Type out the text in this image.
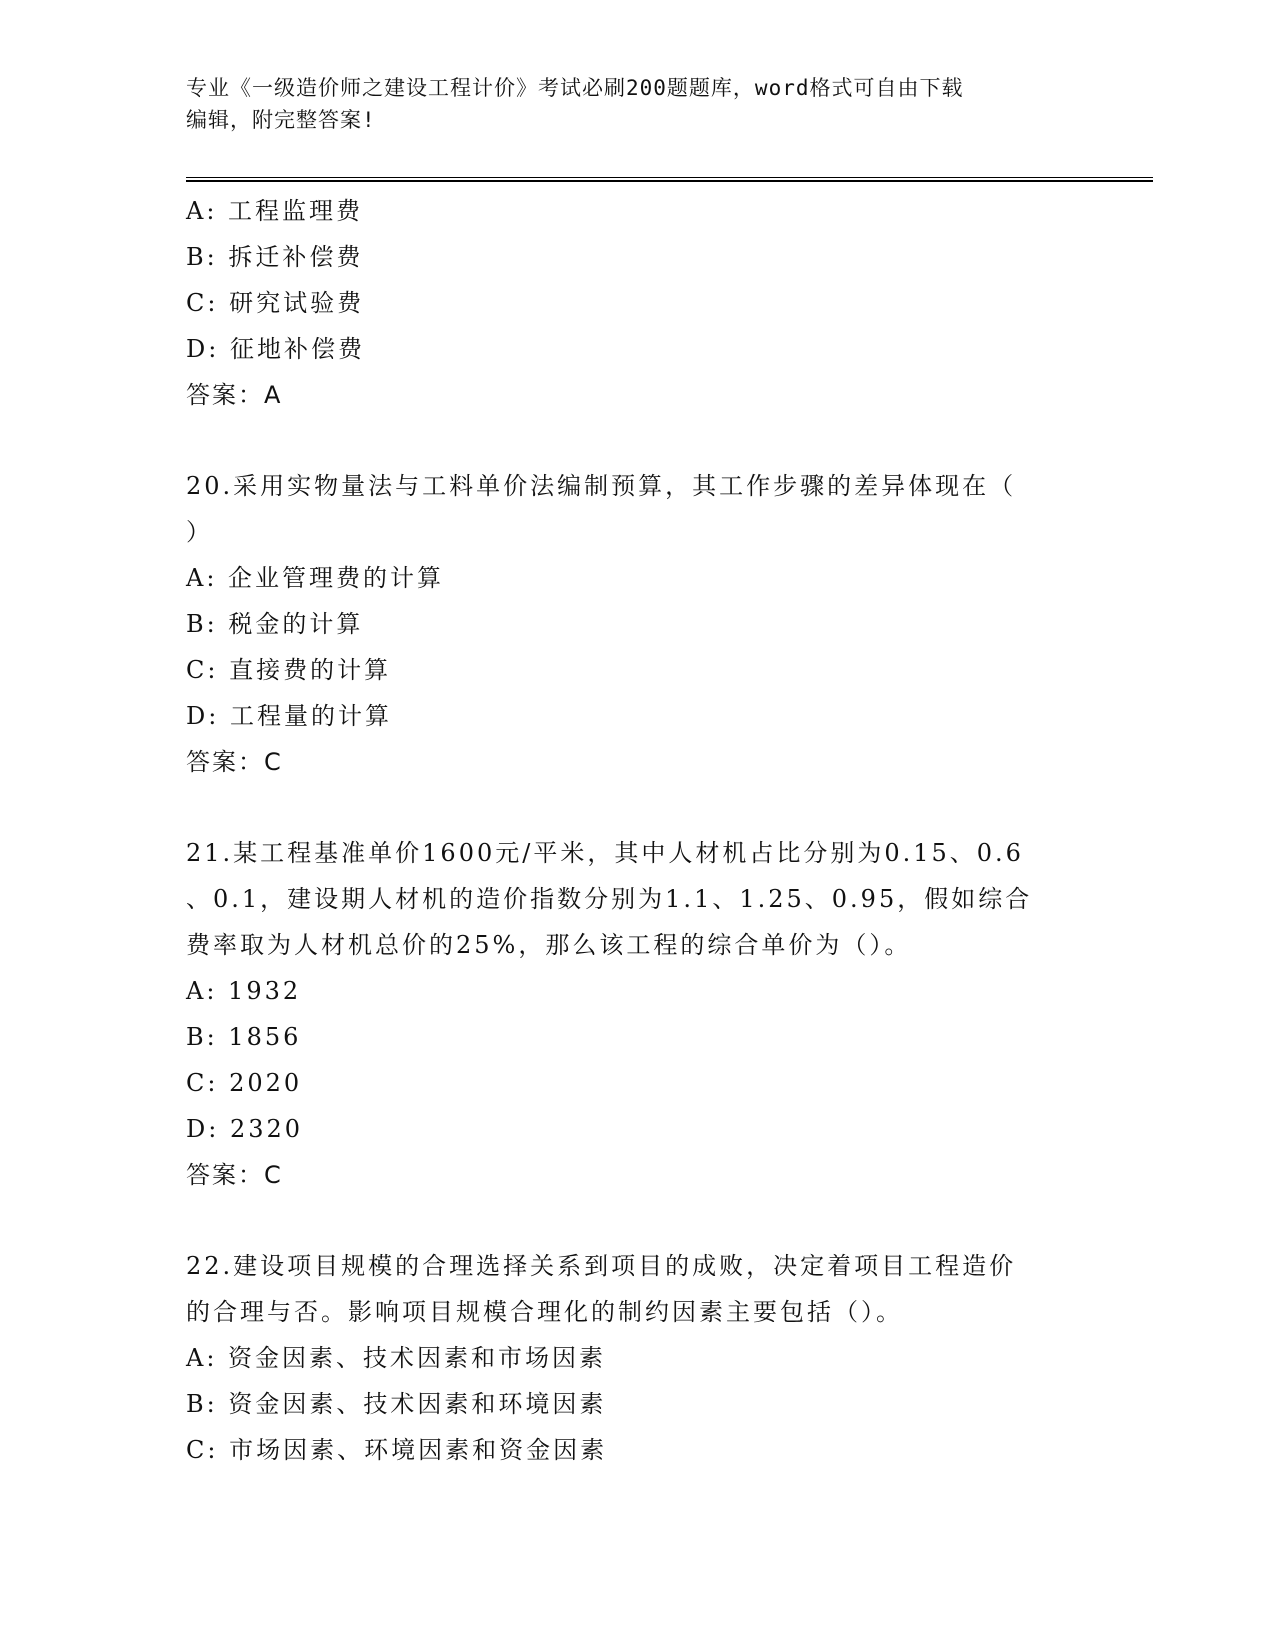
专业《一级造价师之建设工程计价》考试必刷200题题库，word格式可自由下载
编辑，附完整答案!
A: 工程监理费
B: 拆迁补偿费
C: 研究试验费
D: 征地补偿费
答案：A
20.采用实物量法与工料单价法编制预算，其工作步骤的差异体现在（
）
A: 企业管理费的计算
B: 税金的计算
C: 直接费的计算
D: 工程量的计算
答案：C
21.某工程基准单价1600元/平米，其中人材机占比分别为0.15、0.6
、0.1，建设期人材机的造价指数分别为1.1、1.25、0.95，假如综合
费率取为人材机总价的25%，那么该工程的综合单价为（）。
A: 1932
B: 1856
C: 2020
D: 2320
答案：C
22.建设项目规模的合理选择关系到项目的成败，决定着项目工程造价
的合理与否。影响项目规模合理化的制约因素主要包括（）。
A: 资金因素、技术因素和市场因素
B: 资金因素、技术因素和环境因素
C: 市场因素、环境因素和资金因素
